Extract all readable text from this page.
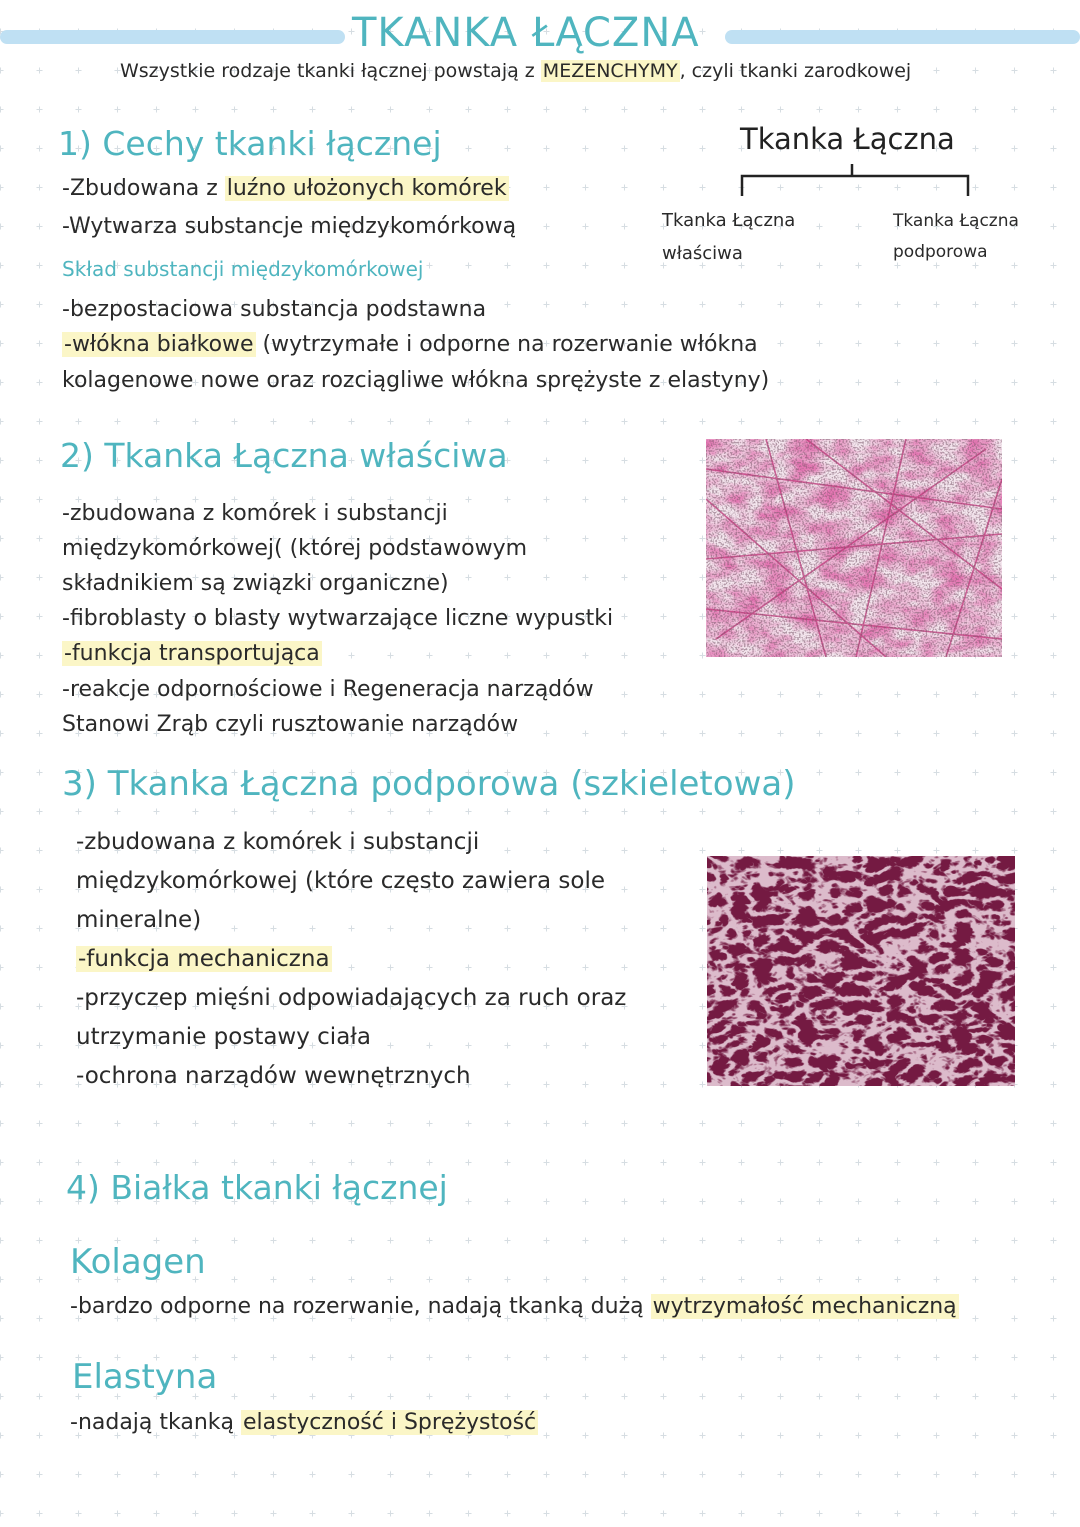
TKANKA ŁĄCZNA
Wszystkie rodzaje tkanki łącznej powstają z MEZENCHYMY , czyli tkanki zarodkowej
1) Cechy tkanki łącznej
-Zbudowana z luźno ułożonych komórek
-Wytwarza substancje międzykomórkową
Skład substancji międzykomórkowej
-bezpostaciowa substancja podstawna
-włókna białkowe (wytrzymałe i odporne na rozerwanie włókna
kolagenowe nowe oraz rozciągliwe włókna sprężyste z elastyny)
Tkanka Łączna
Tkanka Łączna
właściwa
Tkanka Łączna
podporowa
2) Tkanka Łączna właściwa
-zbudowana z komórek i substancji
międzykomórkowej( (której podstawowym
składnikiem są związki organiczne)
-fibroblasty o blasty wytwarzające liczne wypustki
-funkcja transportująca
-reakcje odpornościowe i Regeneracja narządów
Stanowi Zrąb czyli rusztowanie narządów
3) Tkanka Łączna podporowa (szkieletowa)
-zbudowana z komórek i substancji
międzykomórkowej (które często zawiera sole
mineralne)
-funkcja mechaniczna
-przyczep mięśni odpowiadających za ruch oraz
utrzymanie postawy ciała
-ochrona narządów wewnętrznych
4) Białka tkanki łącznej
Kolagen
-bardzo odporne na rozerwanie, nadają tkanką dużą wytrzymałość mechaniczną
Elastyna
-nadają tkanką elastyczność i Sprężystość
